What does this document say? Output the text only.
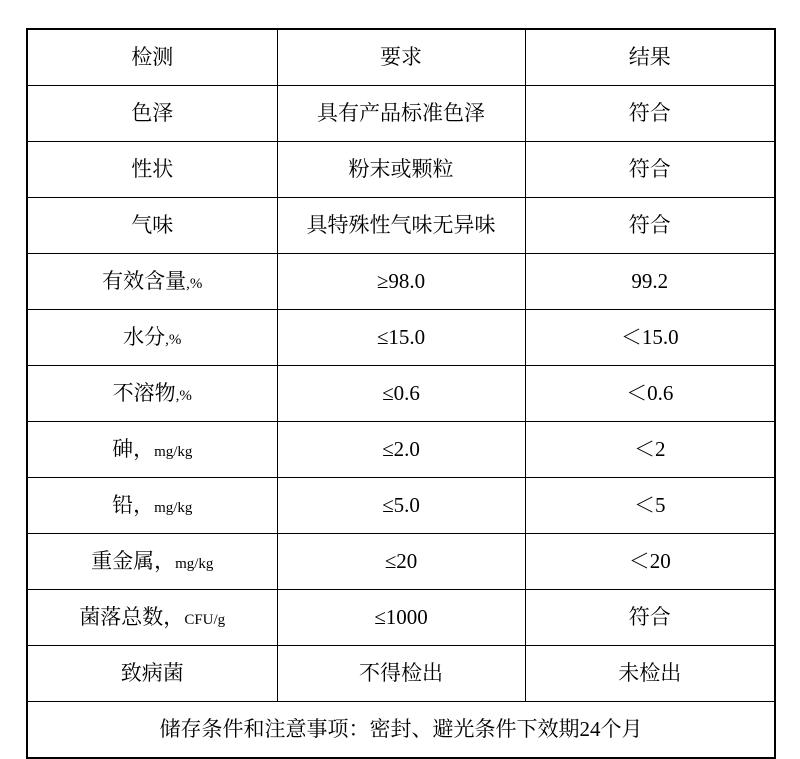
检测	要求	结果
色泽	具有产品标准色泽	符合
性状	粉末或颗粒	符合
气味	具特殊性气味无异味	符合
有效含量,%	≥98.0	99.2
水分,%	≤15.0	＜15.0
不溶物,%	≤0.6	＜0.6
砷，mg/kg	≤2.0	＜2
铅，mg/kg	≤5.0	＜5
重金属，mg/kg	≤20	＜20
菌落总数，CFU/g	≤1000	符合
致病菌	不得检出	未检出
储存条件和注意事项：密封、避光条件下效期24个月		
